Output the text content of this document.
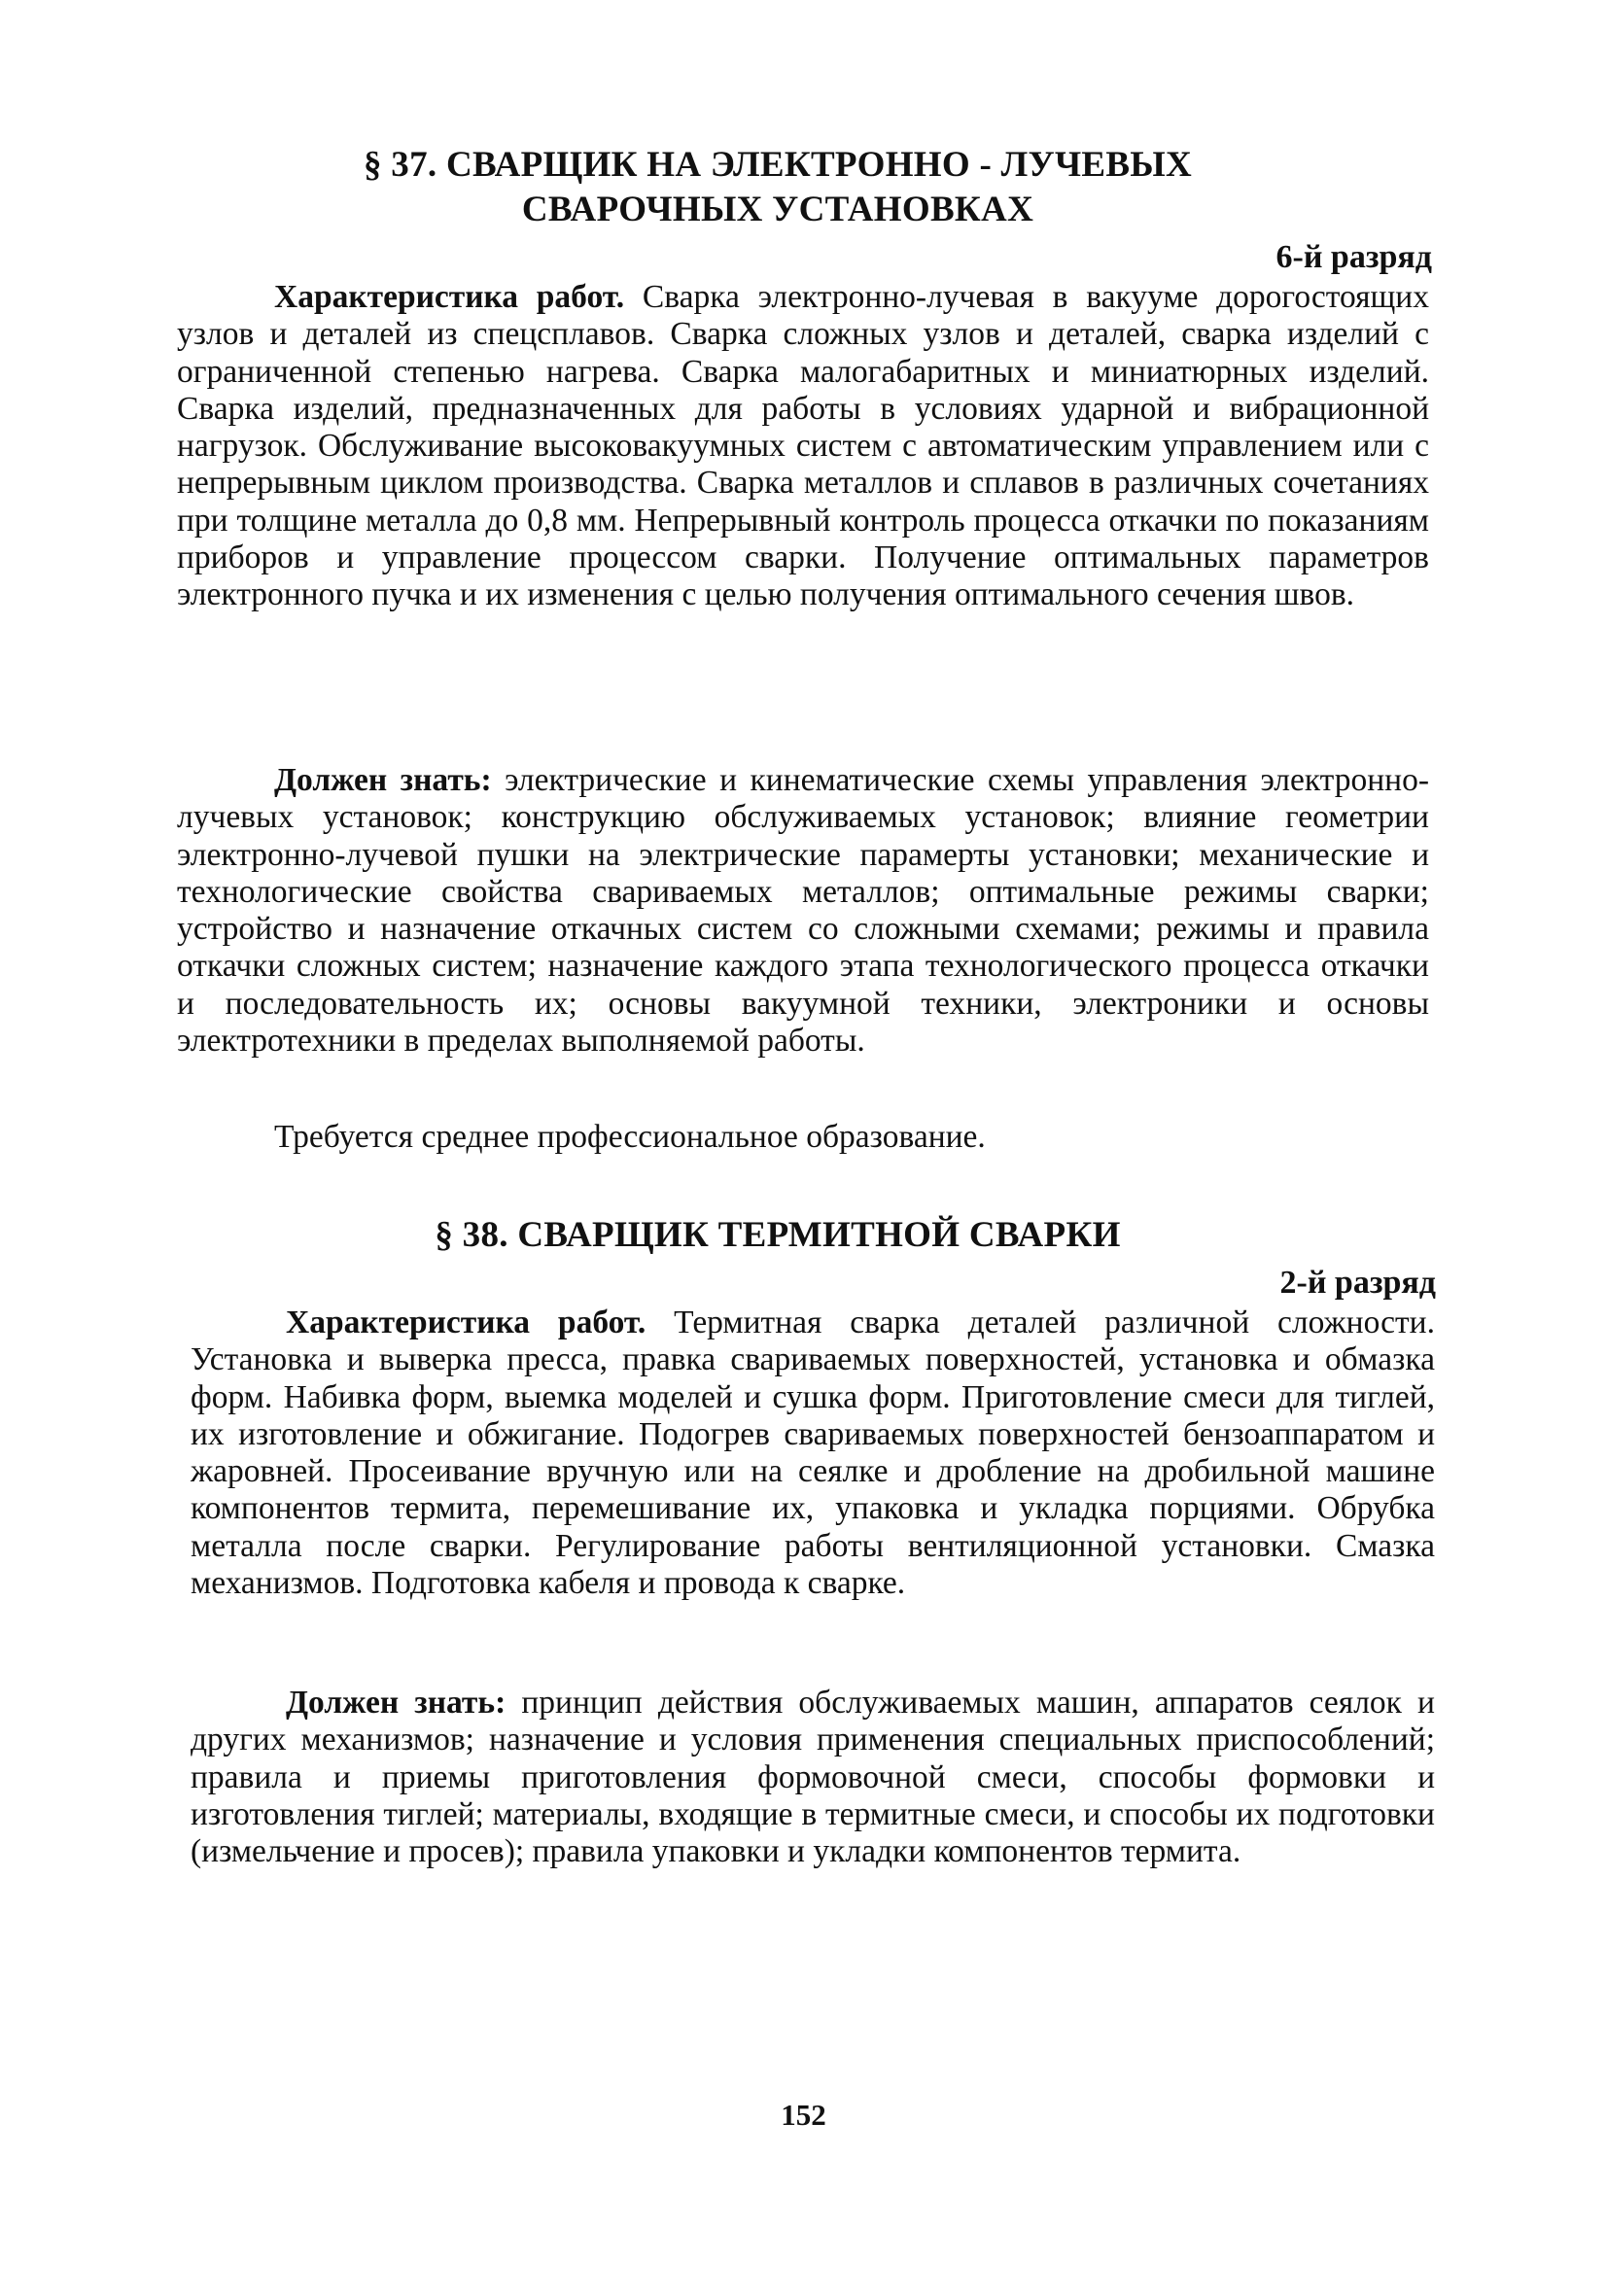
§ 37. СВАРЩИК НА ЭЛЕКТРОННО - ЛУЧЕВЫХ
СВАРОЧНЫХ УСТАНОВКАХ
6-й разряд

Характеристика работ. Сварка электронно-лучевая в вакууме дорогостоящих узлов и деталей из спецсплавов. Сварка сложных узлов и деталей, сварка изделий с ограниченной степенью нагрева. Сварка малогабаритных и миниатюрных изделий. Сварка изделий, предназначенных для работы в условиях ударной и вибрационной нагрузок. Обслуживание высоковакуумных систем с автоматическим управлением или с непрерывным циклом производства. Сварка металлов и сплавов в различных сочетаниях при толщине металла до 0,8 мм. Непрерывный контроль процесса откачки по показаниям приборов и управление процессом сварки. Получение оптимальных параметров электронного пучка и их изменения с целью получения оптимального сечения швов.

Должен знать: электрические и кинематические схемы управления электронно-лучевых установок; конструкцию обслуживаемых установок; влияние геометрии электронно-лучевой пушки на электрические парамерты установки; механические и технологические свойства свариваемых металлов; оптимальные режимы сварки; устройство и назначение откачных систем со сложными схемами; режимы и правила откачки сложных систем; назначение каждого этапа технологического процесса откачки и последовательность их; основы вакуумной техники, электроники и основы электротехники в пределах выполняемой работы.

Требуется среднее профессиональное образование.

§ 38. СВАРЩИК ТЕРМИТНОЙ СВАРКИ
2-й разряд

Характеристика работ. Термитная сварка деталей различной сложности. Установка и выверка пресса, правка свариваемых поверхностей, установка и обмазка форм. Набивка форм, выемка моделей и сушка форм. Приготовление смеси для тиглей, их изготовление и обжигание. Подогрев свариваемых поверхностей бензоаппаратом и жаровней. Просеивание вручную или на сеялке и дробление на дробильной машине компонентов термита, перемешивание их, упаковка и укладка порциями. Обрубка металла после сварки. Регулирование работы вентиляционной установки. Смазка механизмов. Подготовка кабеля и провода к сварке.

Должен знать: принцип действия обслуживаемых машин, аппаратов сеялок и других механизмов; назначение и условия применения специальных приспособлений; правила и приемы приготовления формовочной смеси, способы формовки и изготовления тиглей; материалы, входящие в термитные смеси, и способы их подготовки (измельчение и просев); правила упаковки и укладки компонентов термита.

152
